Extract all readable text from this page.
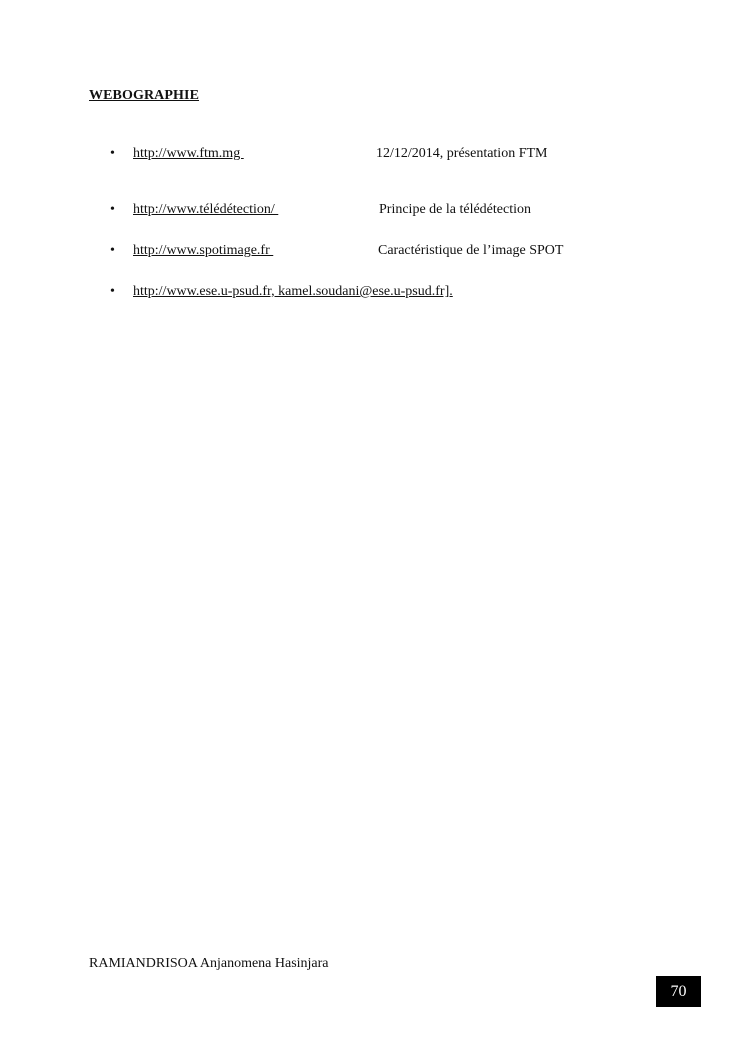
WEBOGRAPHIE
• http://www.ftm.mg	12/12/2014, présentation FTM
• http://www.télédétection/	Principe de la télédétection
• http://www.spotimage.fr	Caractéristique de l’image SPOT
• http://www.ese.u-psud.fr, kamel.soudani@ese.u-psud.fr].
RAMIANDRISOA Anjanomena Hasinjara
70
